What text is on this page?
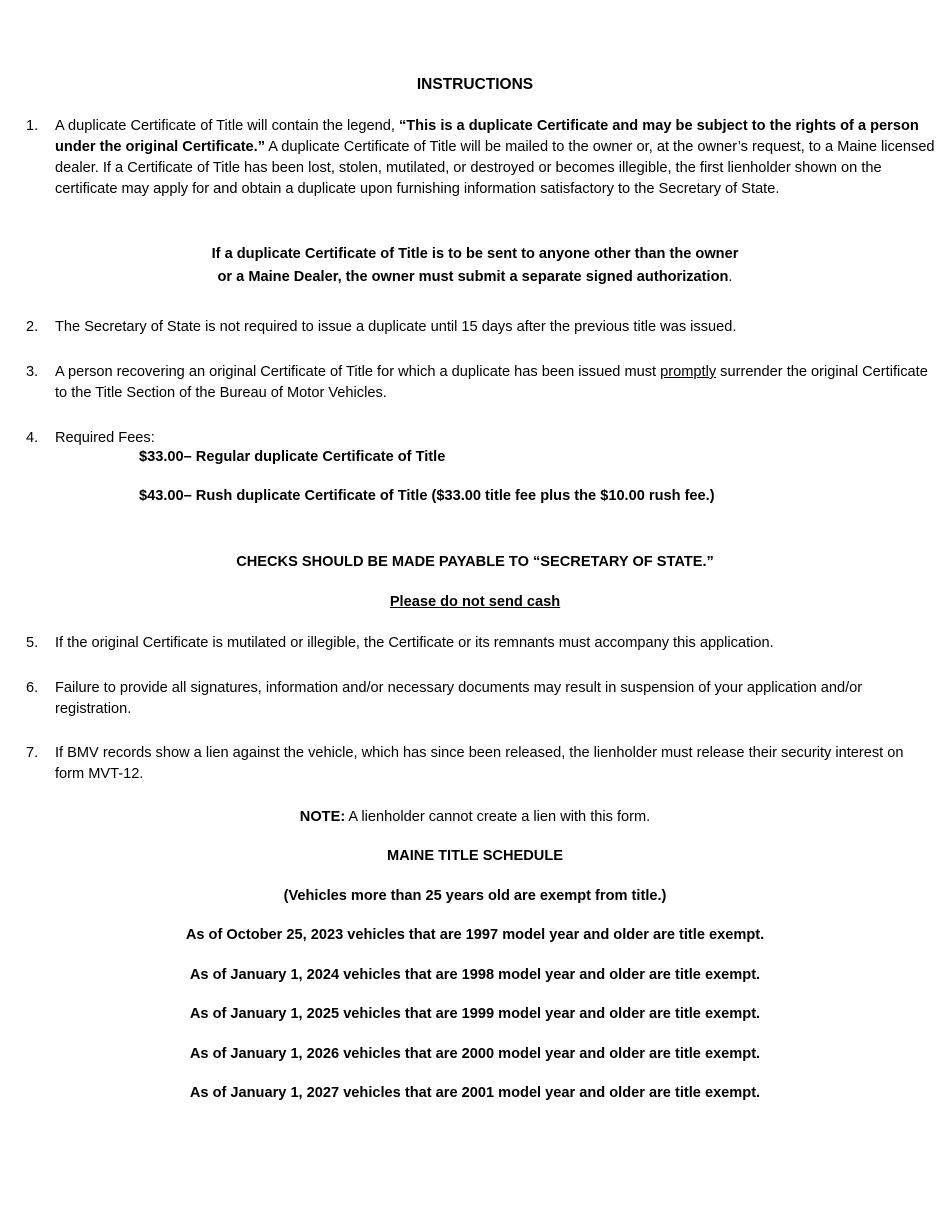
INSTRUCTIONS
1. A duplicate Certificate of Title will contain the legend, “This is a duplicate Certificate and may be subject to the rights of a person under the original Certificate.” A duplicate Certificate of Title will be mailed to the owner or, at the owner’s request, to a Maine licensed dealer. If a Certificate of Title has been lost, stolen, mutilated, or destroyed or becomes illegible, the first lienholder shown on the certificate may apply for and obtain a duplicate upon furnishing information satisfactory to the Secretary of State.
If a duplicate Certificate of Title is to be sent to anyone other than the owner
or a Maine Dealer, the owner must submit a separate signed authorization.
2. The Secretary of State is not required to issue a duplicate until 15 days after the previous title was issued.
3. A person recovering an original Certificate of Title for which a duplicate has been issued must promptly surrender the original Certificate to the Title Section of the Bureau of Motor Vehicles.
4. Required Fees:
$33.00– Regular duplicate Certificate of Title
$43.00– Rush duplicate Certificate of Title ($33.00 title fee plus the $10.00 rush fee.)
CHECKS SHOULD BE MADE PAYABLE TO “SECRETARY OF STATE.”
Please do not send cash
5. If the original Certificate is mutilated or illegible, the Certificate or its remnants must accompany this application.
6. Failure to provide all signatures, information and/or necessary documents may result in suspension of your application and/or registration.
7. If BMV records show a lien against the vehicle, which has since been released, the lienholder must release their security interest on form MVT-12.
NOTE: A lienholder cannot create a lien with this form.
MAINE TITLE SCHEDULE
(Vehicles more than 25 years old are exempt from title.)
As of October 25, 2023 vehicles that are 1997 model year and older are title exempt.
As of January 1, 2024 vehicles that are 1998 model year and older are title exempt.
As of January 1, 2025 vehicles that are 1999 model year and older are title exempt.
As of January 1, 2026 vehicles that are 2000 model year and older are title exempt.
As of January 1, 2027 vehicles that are 2001 model year and older are title exempt.
